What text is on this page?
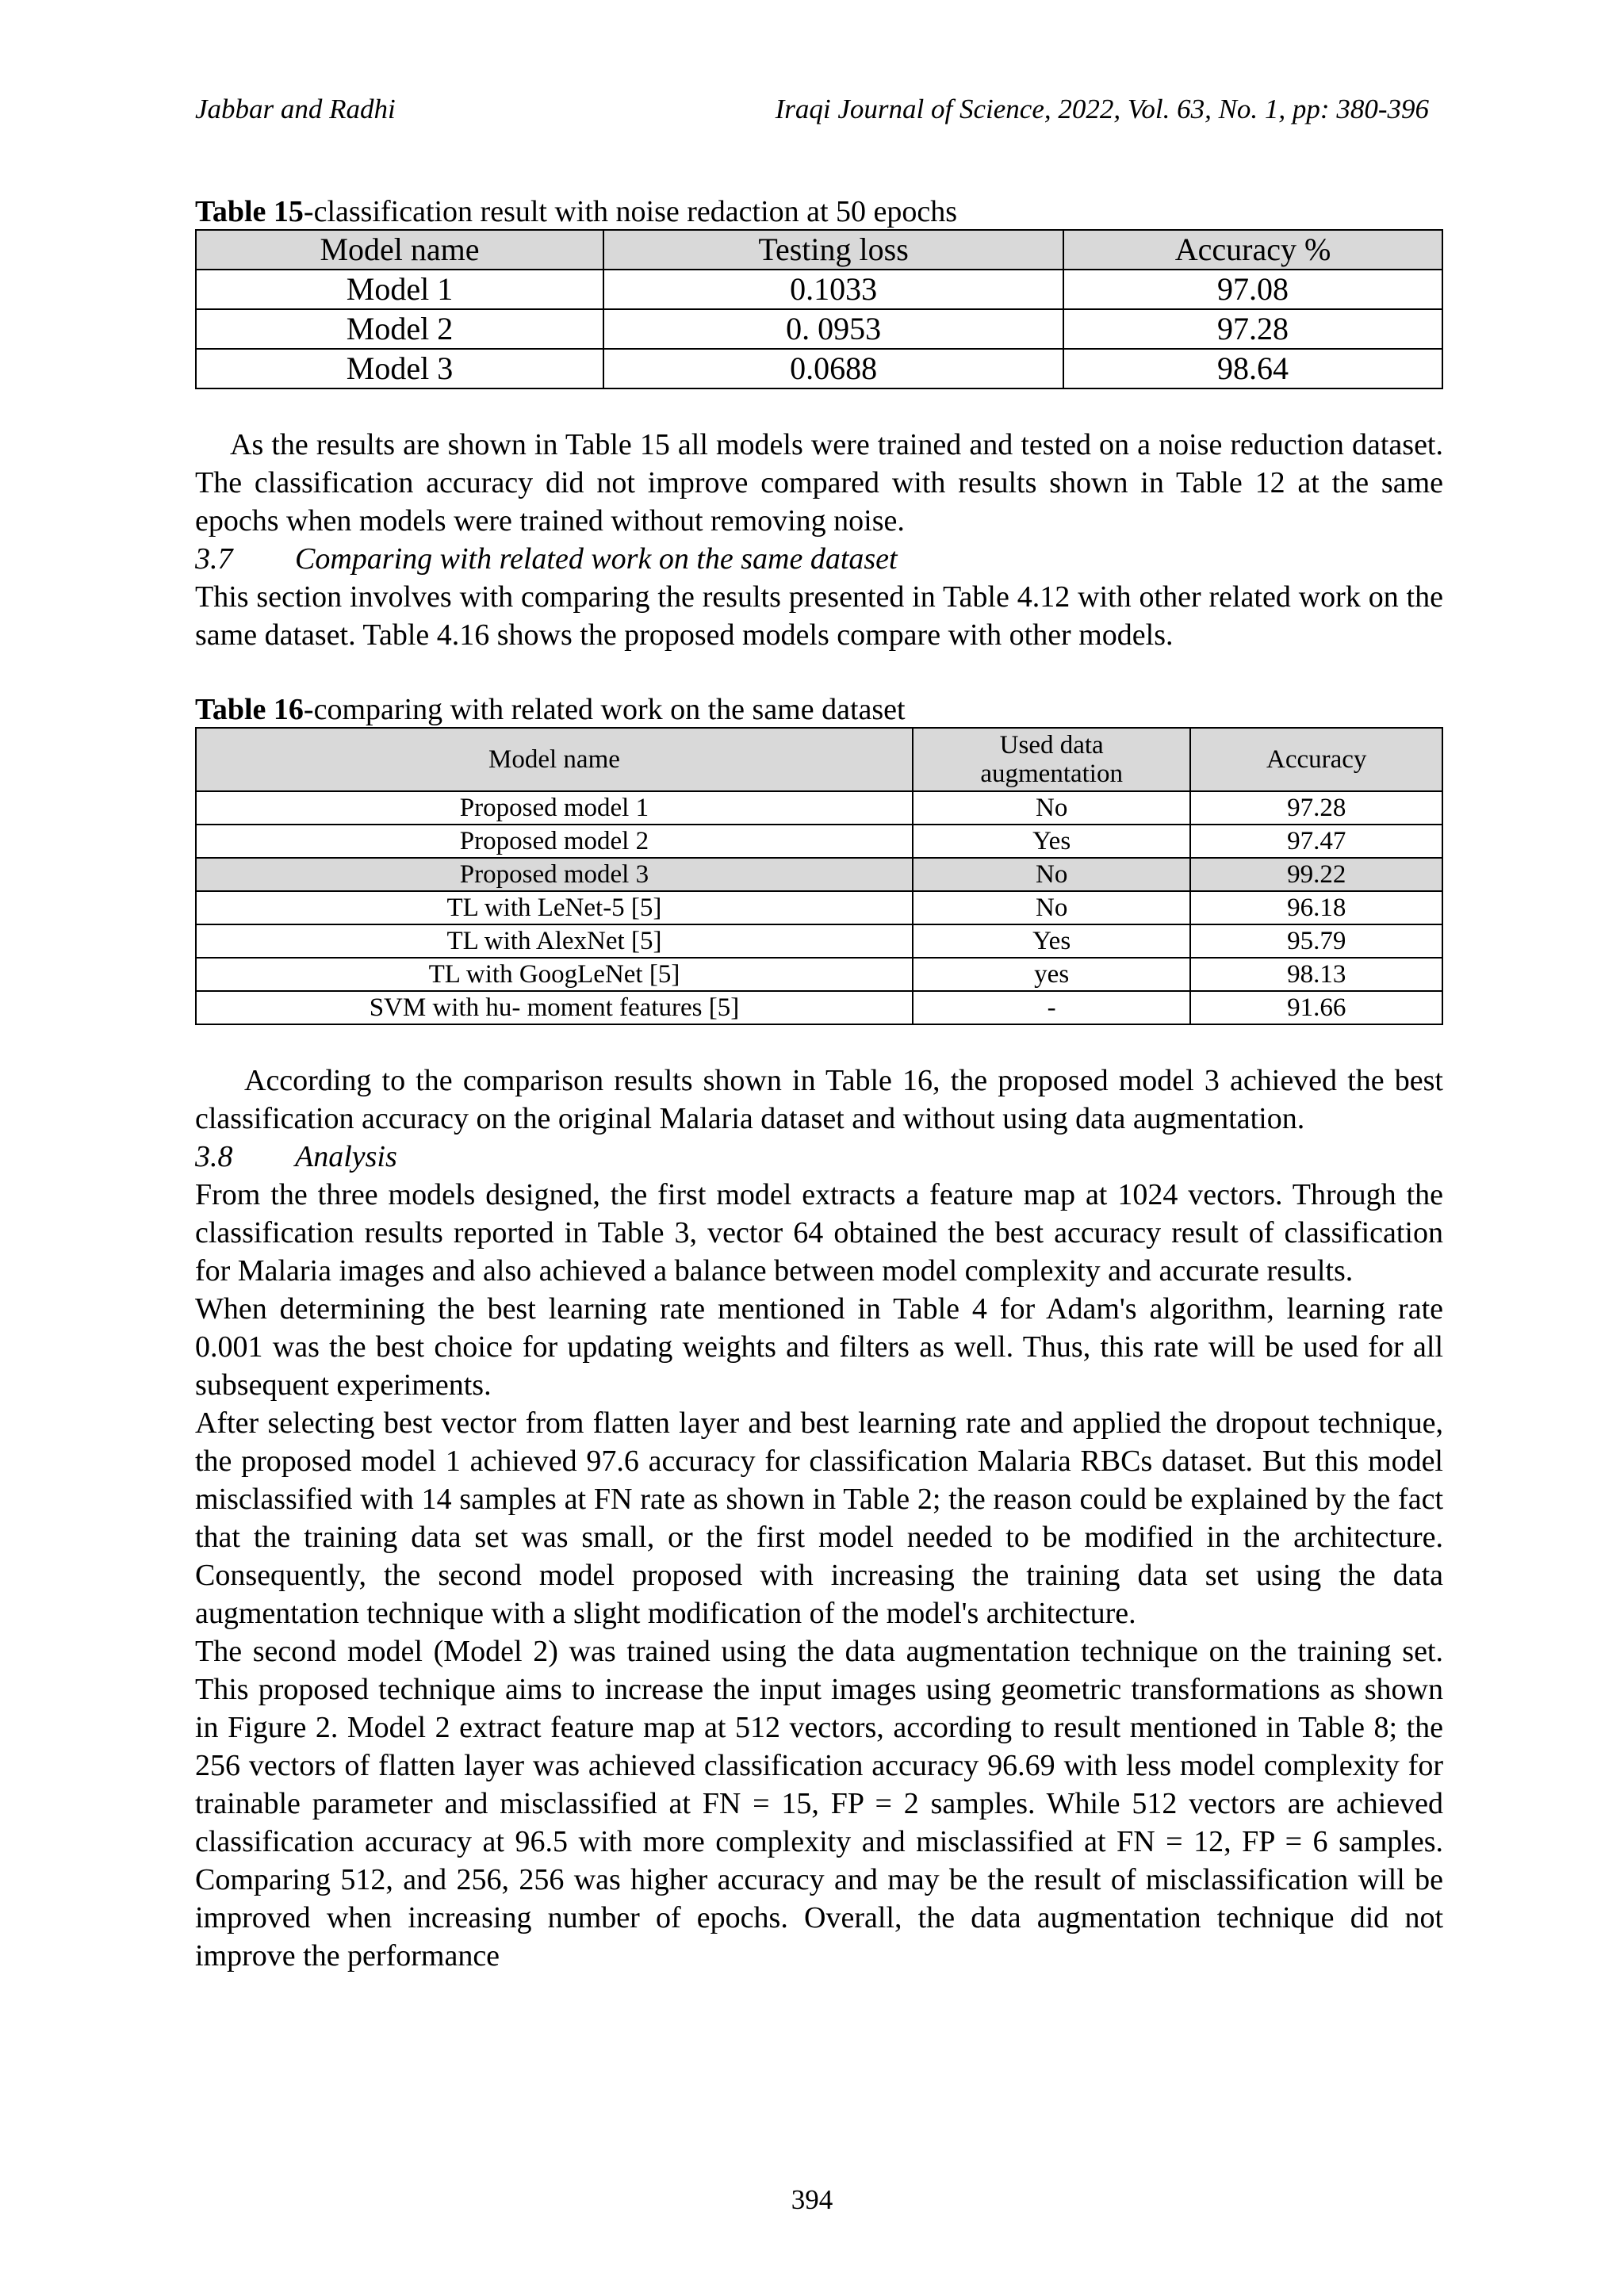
Jabbar and Radhi	Iraqi Journal of Science, 2022, Vol. 63, No. 1, pp: 380-396

Table 15-classification result with noise redaction at 50 epochs

Model name	Testing loss	Accuracy %
Model 1	0.1033	97.08
Model 2	0. 0953	97.28
Model 3	0.0688	98.64

As the results are shown in Table 15 all models were trained and tested on a noise reduction dataset. The classification accuracy did not improve compared with results shown in Table 12 at the same epochs when models were trained without removing noise.

3.7 Comparing with related work on the same dataset

This section involves with comparing the results presented in Table 4.12 with other related work on the same dataset. Table 4.16 shows the proposed models compare with other models.

Table 16-comparing with related work on the same dataset

Model name	Used data augmentation	Accuracy
Proposed model 1	No	97.28
Proposed model 2	Yes	97.47
Proposed model 3	No	99.22
TL with LeNet-5 [5]	No	96.18
TL with AlexNet [5]	Yes	95.79
TL with GoogLeNet [5]	yes	98.13
SVM with hu- moment features [5]	-	91.66

According to the comparison results shown in Table 16, the proposed model 3 achieved the best classification accuracy on the original Malaria dataset and without using data augmentation.

3.8 Analysis

From the three models designed, the first model extracts a feature map at 1024 vectors. Through the classification results reported in Table 3, vector 64 obtained the best accuracy result of classification for Malaria images and also achieved a balance between model complexity and accurate results.

When determining the best learning rate mentioned in Table 4 for Adam's algorithm, learning rate 0.001 was the best choice for updating weights and filters as well. Thus, this rate will be used for all subsequent experiments.

After selecting best vector from flatten layer and best learning rate and applied the dropout technique, the proposed model 1 achieved 97.6 accuracy for classification Malaria RBCs dataset. But this model misclassified with 14 samples at FN rate as shown in Table 2; the reason could be explained by the fact that the training data set was small, or the first model needed to be modified in the architecture. Consequently, the second model proposed with increasing the training data set using the data augmentation technique with a slight modification of the model's architecture.

The second model (Model 2) was trained using the data augmentation technique on the training set. This proposed technique aims to increase the input images using geometric transformations as shown in Figure 2. Model 2 extract feature map at 512 vectors, according to result mentioned in Table 8; the 256 vectors of flatten layer was achieved classification accuracy 96.69 with less model complexity for trainable parameter and misclassified at FN = 15, FP = 2 samples. While 512 vectors are achieved classification accuracy at 96.5 with more complexity and misclassified at FN = 12, FP = 6 samples. Comparing 512, and 256, 256 was higher accuracy and may be the result of misclassification will be improved when increasing number of epochs. Overall, the data augmentation technique did not improve the performance

394
